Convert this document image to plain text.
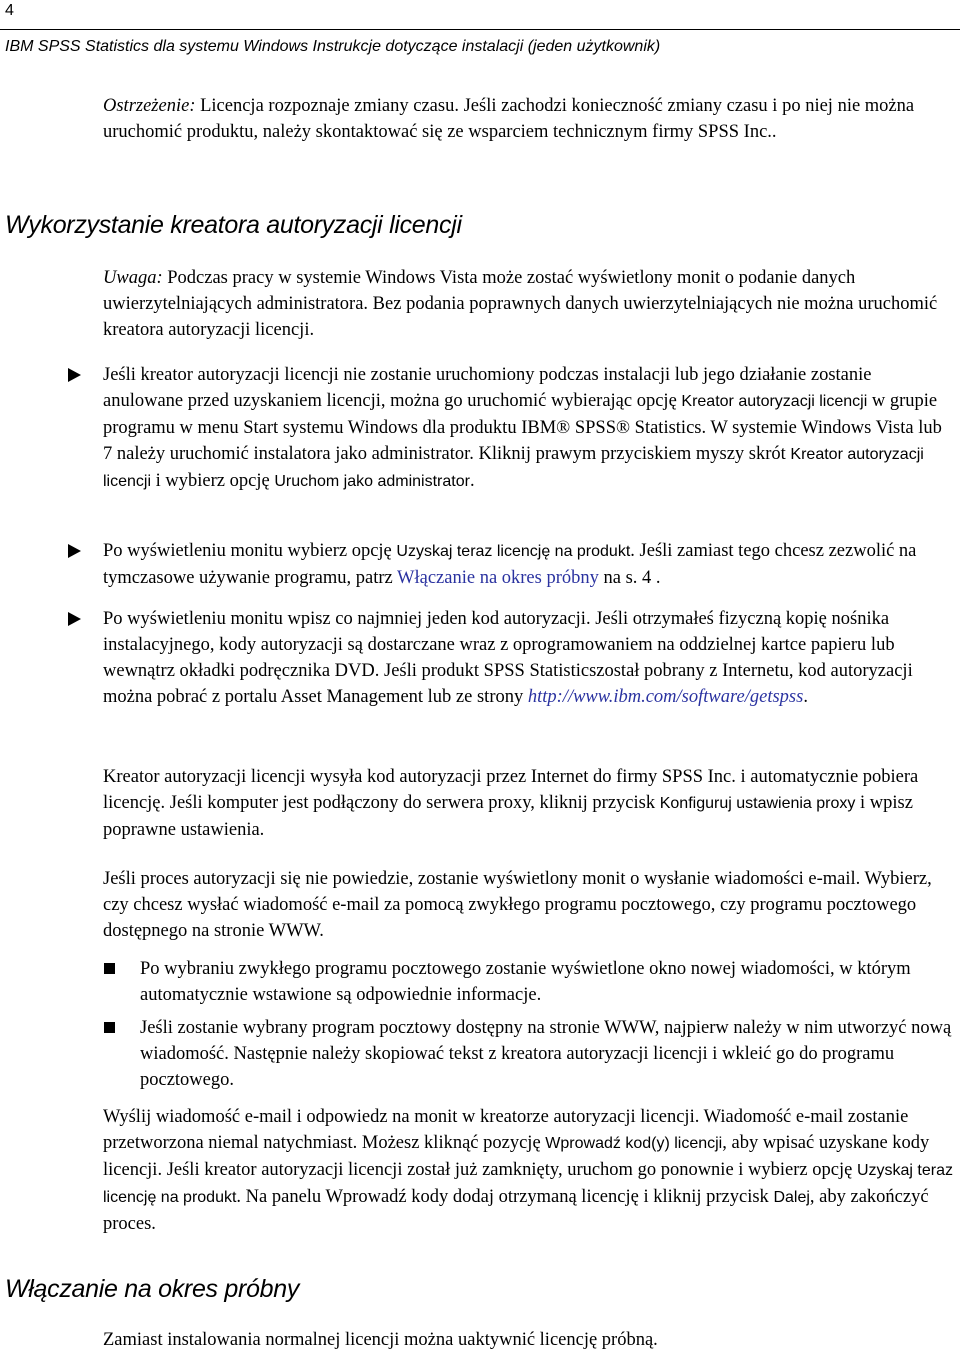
4
IBM SPSS Statistics dla systemu Windows Instrukcje dotyczące instalacji (jeden użytkownik)

Ostrzeżenie: Licencja rozpoznaje zmiany czasu. Jeśli zachodzi konieczność zmiany czasu i po niej nie można uruchomić produktu, należy skontaktować się ze wsparciem technicznym firmy SPSS Inc..

Wykorzystanie kreatora autoryzacji licencji

Uwaga: Podczas pracy w systemie Windows Vista może zostać wyświetlony monit o podanie danych uwierzytelniających administratora. Bez podania poprawnych danych uwierzytelniających nie można uruchomić kreatora autoryzacji licencji.

Jeśli kreator autoryzacji licencji nie zostanie uruchomiony podczas instalacji lub jego działanie zostanie anulowane przed uzyskaniem licencji, można go uruchomić wybierając opcję Kreator autoryzacji licencji w grupie programu w menu Start systemu Windows dla produktu IBM® SPSS® Statistics. W systemie Windows Vista lub 7 należy uruchomić instalatora jako administrator. Kliknij prawym przyciskiem myszy skrót Kreator autoryzacji licencji i wybierz opcję Uruchom jako administrator.

Po wyświetleniu monitu wybierz opcję Uzyskaj teraz licencję na produkt. Jeśli zamiast tego chcesz zezwolić na tymczasowe używanie programu, patrz Włączanie na okres próbny na s. 4 .

Po wyświetleniu monitu wpisz co najmniej jeden kod autoryzacji. Jeśli otrzymałeś fizyczną kopię nośnika instalacyjnego, kody autoryzacji są dostarczane wraz z oprogramowaniem na oddzielnej kartce papieru lub wewnątrz okładki podręcznika DVD. Jeśli produkt SPSS Statisticszostał pobrany z Internetu, kod autoryzacji można pobrać z portalu Asset Management lub ze strony http://www.ibm.com/software/getspss.

Kreator autoryzacji licencji wysyła kod autoryzacji przez Internet do firmy SPSS Inc. i automatycznie pobiera licencję. Jeśli komputer jest podłączony do serwera proxy, kliknij przycisk Konfiguruj ustawienia proxy i wpisz poprawne ustawienia.

Jeśli proces autoryzacji się nie powiedzie, zostanie wyświetlony monit o wysłanie wiadomości e-mail. Wybierz, czy chcesz wysłać wiadomość e-mail za pomocą zwykłego programu pocztowego, czy programu pocztowego dostępnego na stronie WWW.

Po wybraniu zwykłego programu pocztowego zostanie wyświetlone okno nowej wiadomości, w którym automatycznie wstawione są odpowiednie informacje.

Jeśli zostanie wybrany program pocztowy dostępny na stronie WWW, najpierw należy w nim utworzyć nową wiadomość. Następnie należy skopiować tekst z kreatora autoryzacji licencji i wkleić go do programu pocztowego.

Wyślij wiadomość e-mail i odpowiedz na monit w kreatorze autoryzacji licencji. Wiadomość e-mail zostanie przetworzona niemal natychmiast. Możesz kliknąć pozycję Wprowadź kod(y) licencji, aby wpisać uzyskane kody licencji. Jeśli kreator autoryzacji licencji został już zamknięty, uruchom go ponownie i wybierz opcję Uzyskaj teraz licencję na produkt. Na panelu Wprowadź kody dodaj otrzymaną licencję i kliknij przycisk Dalej, aby zakończyć proces.

Włączanie na okres próbny

Zamiast instalowania normalnej licencji można uaktywnić licencję próbną.
